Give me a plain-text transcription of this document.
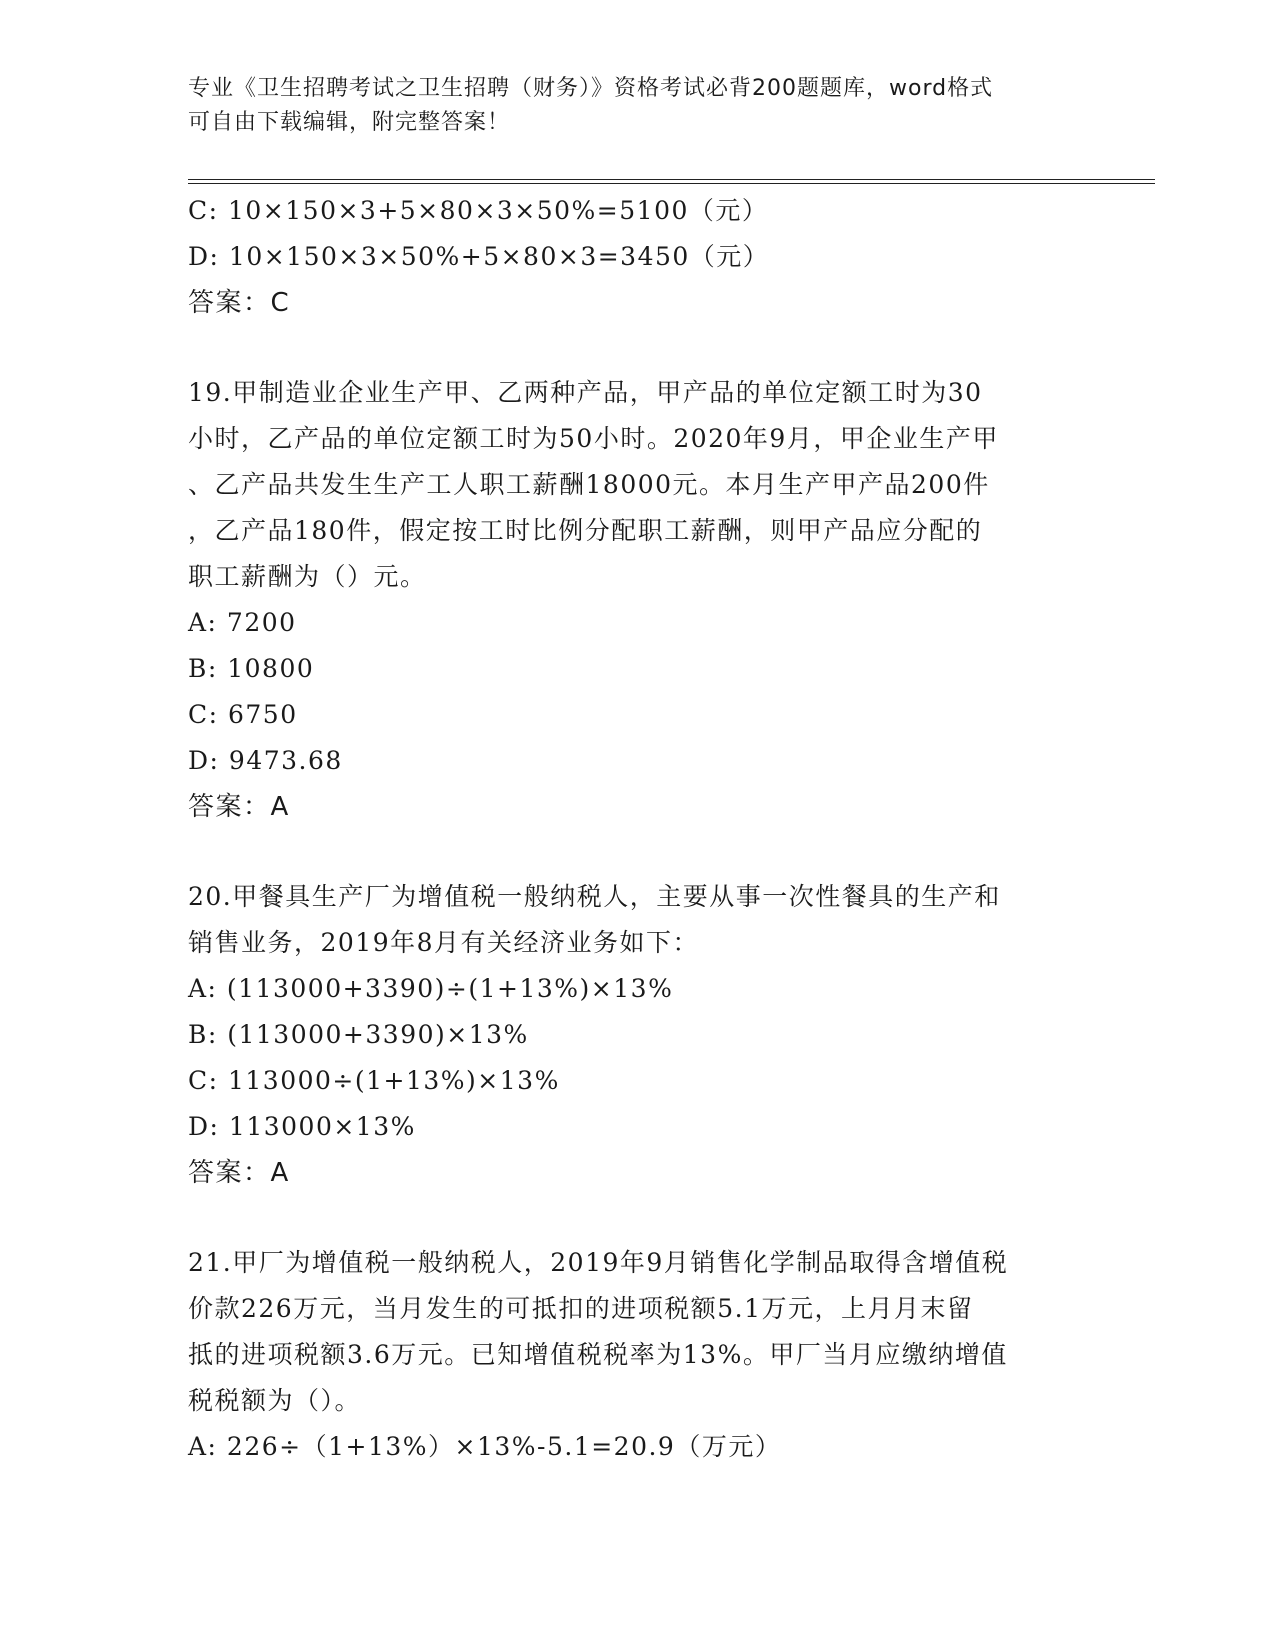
专业《卫生招聘考试之卫生招聘（财务）》资格考试必背200题题库，word格式
可自由下载编辑，附完整答案！
C: 10×150×3+5×80×3×50%=5100（元）
D: 10×150×3×50%+5×80×3=3450（元）
答案：C
19.甲制造业企业生产甲、乙两种产品，甲产品的单位定额工时为30
小时，乙产品的单位定额工时为50小时。2020年9月，甲企业生产甲
、乙产品共发生生产工人职工薪酬18000元。本月生产甲产品200件
，乙产品180件，假定按工时比例分配职工薪酬，则甲产品应分配的
职工薪酬为（）元。
A: 7200
B: 10800
C: 6750
D: 9473.68
答案：A
20.甲餐具生产厂为增值税一般纳税人，主要从事一次性餐具的生产和
销售业务，2019年8月有关经济业务如下：
A: (113000+3390)÷(1+13%)×13%
B: (113000+3390)×13%
C: 113000÷(1+13%)×13%
D: 113000×13%
答案：A
21.甲厂为增值税一般纳税人，2019年9月销售化学制品取得含增值税
价款226万元，当月发生的可抵扣的进项税额5.1万元，上月月末留
抵的进项税额3.6万元。已知增值税税率为13%。甲厂当月应缴纳增值
税税额为（）。
A: 226÷（1+13%）×13%-5.1=20.9（万元）
